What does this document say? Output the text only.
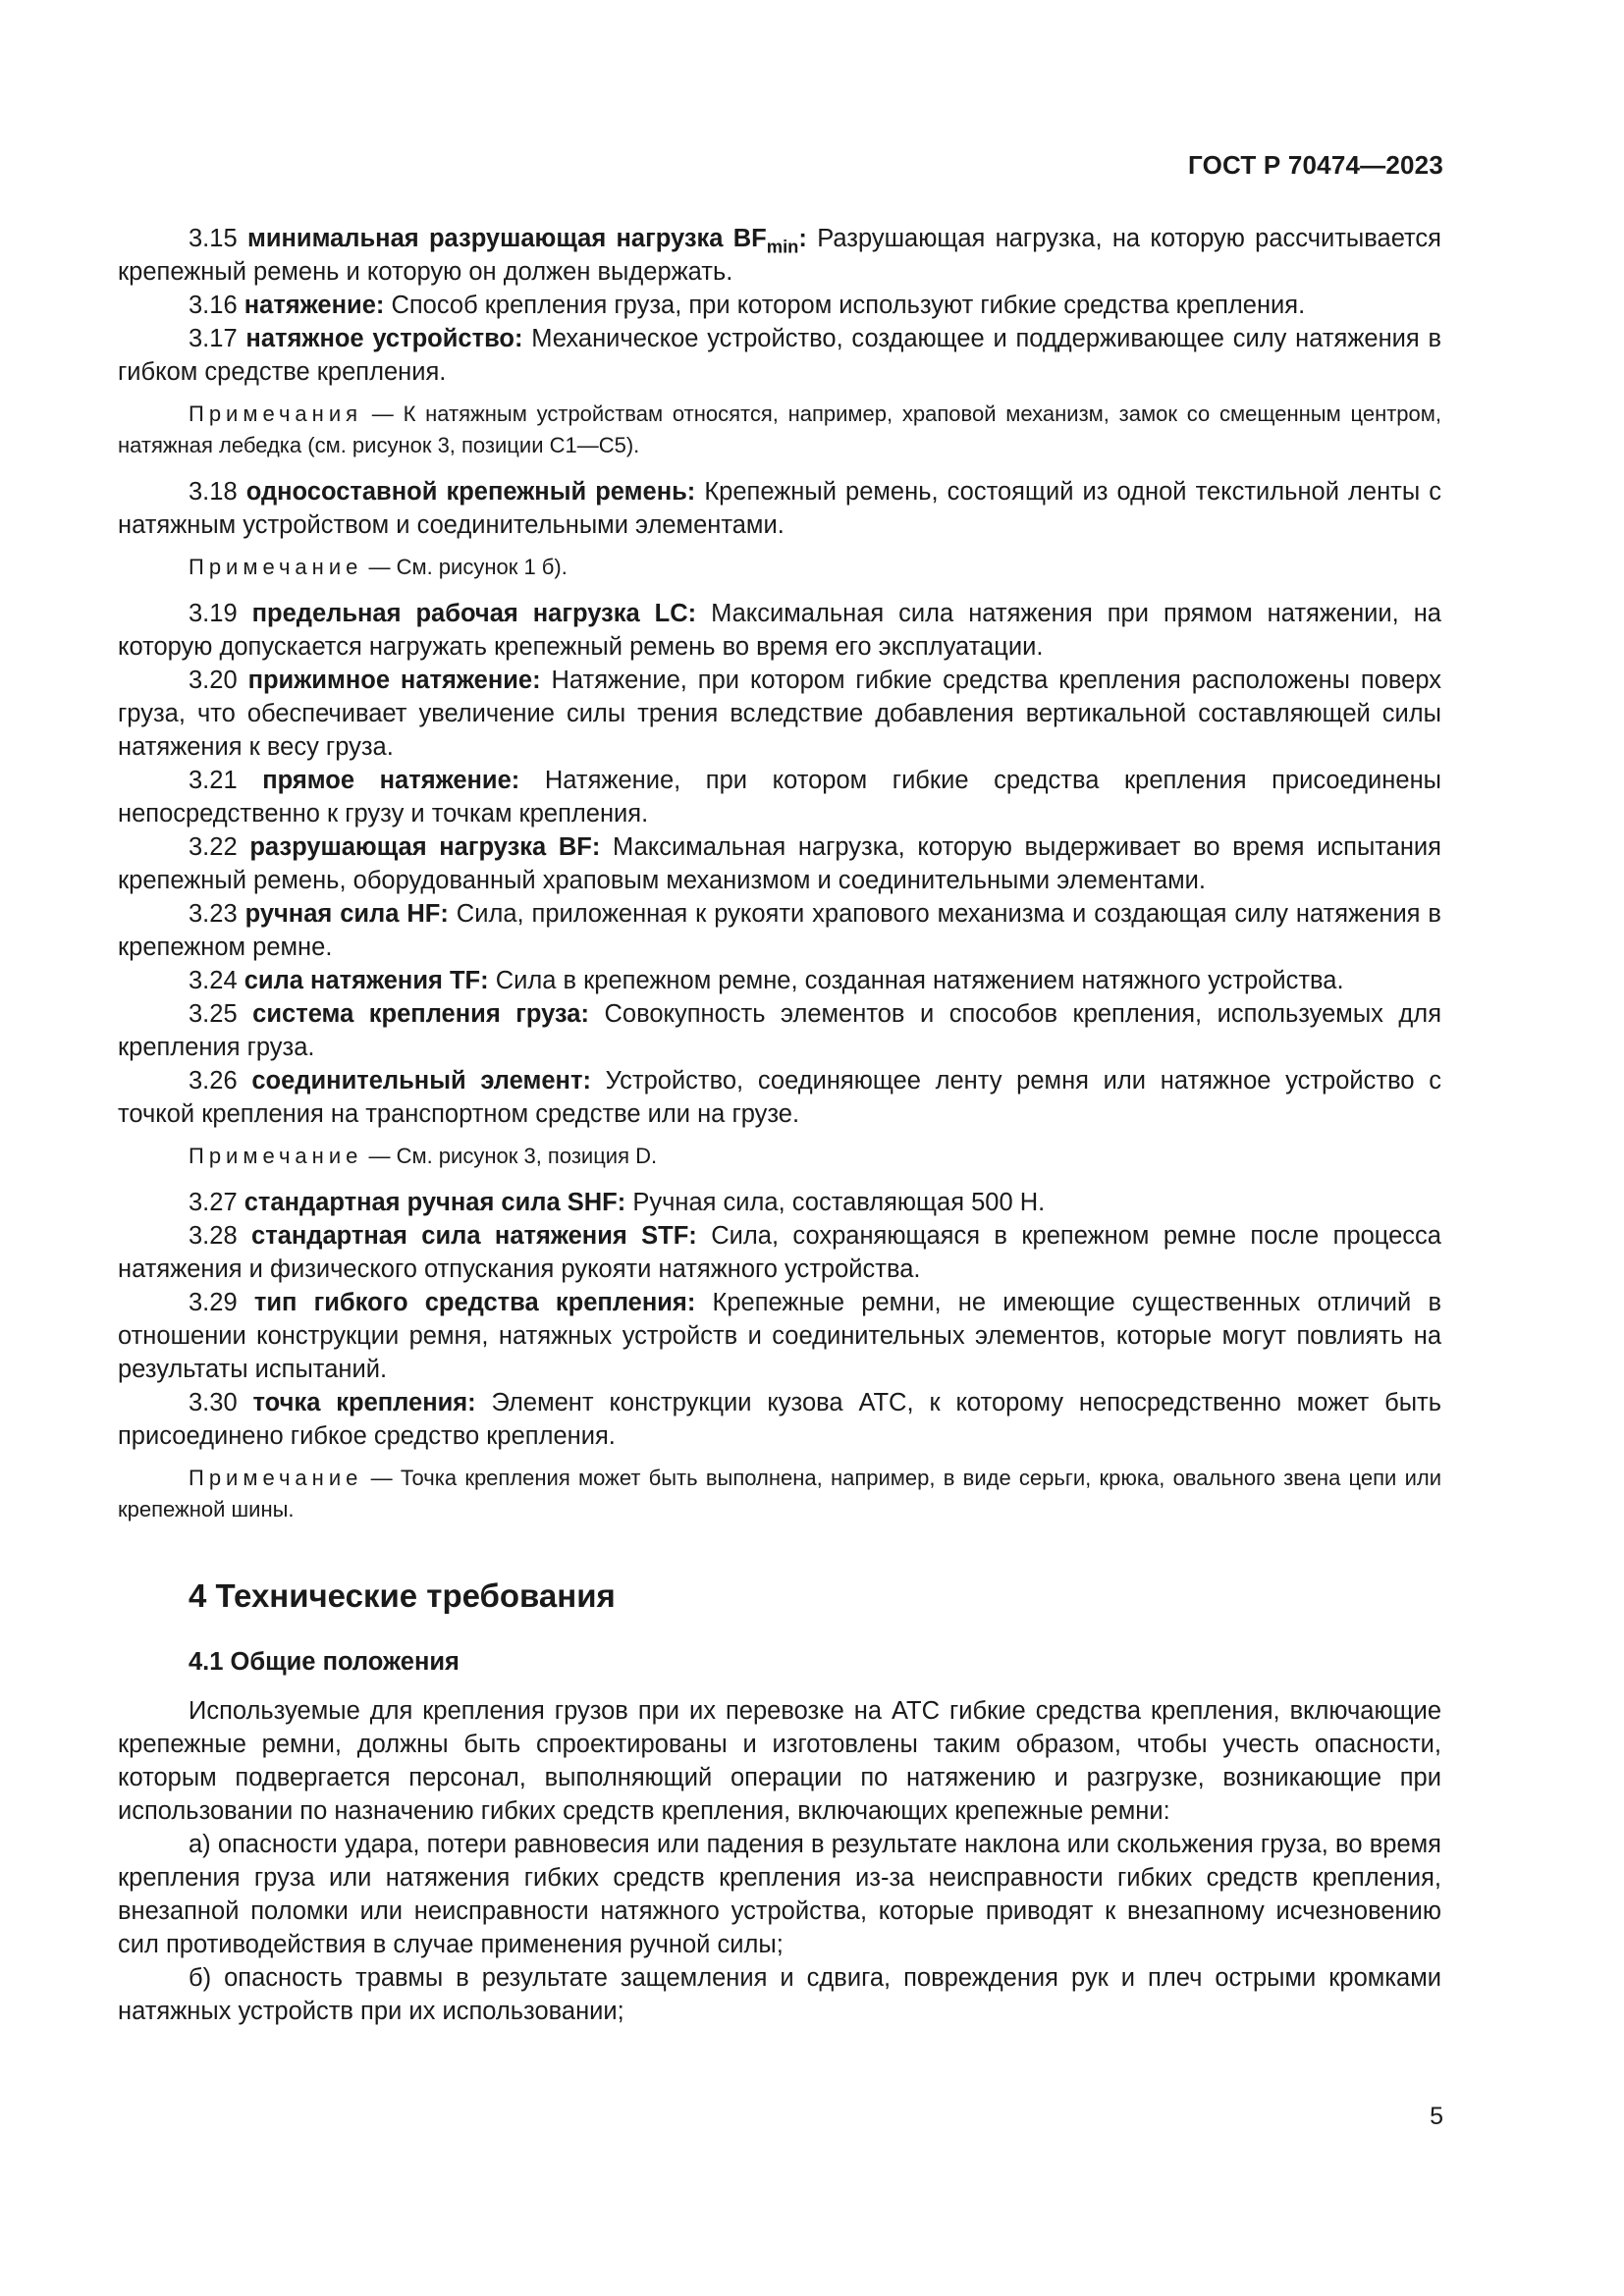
ГОСТ Р 70474—2023

3.15 минимальная разрушающая нагрузка $BF_{min}$: Разрушающая нагрузка, на которую рассчитывается крепежный ремень и которую он должен выдержать.

3.16 натяжение: Способ крепления груза, при котором используют гибкие средства крепления.

3.17 натяжное устройство: Механическое устройство, создающее и поддерживающее силу натяжения в гибком средстве крепления.

Примечания — К натяжным устройствам относятся, например, храповой механизм, замок со смещенным центром, натяжная лебедка (см. рисунок 3, позиции C1—C5).

3.18 односоставной крепежный ремень: Крепежный ремень, состоящий из одной текстильной ленты с натяжным устройством и соединительными элементами.

Примечание — См. рисунок 1 б).

3.19 предельная рабочая нагрузка LC: Максимальная сила натяжения при прямом натяжении, на которую допускается нагружать крепежный ремень во время его эксплуатации.

3.20 прижимное натяжение: Натяжение, при котором гибкие средства крепления расположены поверх груза, что обеспечивает увеличение силы трения вследствие добавления вертикальной составляющей силы натяжения к весу груза.

3.21 прямое натяжение: Натяжение, при котором гибкие средства крепления присоединены непосредственно к грузу и точкам крепления.

3.22 разрушающая нагрузка BF: Максимальная нагрузка, которую выдерживает во время испытания крепежный ремень, оборудованный храповым механизмом и соединительными элементами.

3.23 ручная сила HF: Сила, приложенная к рукояти храпового механизма и создающая силу натяжения в крепежном ремне.

3.24 сила натяжения TF: Сила в крепежном ремне, созданная натяжением натяжного устройства.

3.25 система крепления груза: Совокупность элементов и способов крепления, используемых для крепления груза.

3.26 соединительный элемент: Устройство, соединяющее ленту ремня или натяжное устройство с точкой крепления на транспортном средстве или на грузе.

Примечание — См. рисунок 3, позиция D.

3.27 стандартная ручная сила SHF: Ручная сила, составляющая 500 Н.

3.28 стандартная сила натяжения STF: Сила, сохраняющаяся в крепежном ремне после процесса натяжения и физического отпускания рукояти натяжного устройства.

3.29 тип гибкого средства крепления: Крепежные ремни, не имеющие существенных отличий в отношении конструкции ремня, натяжных устройств и соединительных элементов, которые могут повлиять на результаты испытаний.

3.30 точка крепления: Элемент конструкции кузова АТС, к которому непосредственно может быть присоединено гибкое средство крепления.

Примечание — Точка крепления может быть выполнена, например, в виде серьги, крюка, овального звена цепи или крепежной шины.

4 Технические требования
4.1 Общие положения

Используемые для крепления грузов при их перевозке на АТС гибкие средства крепления, включающие крепежные ремни, должны быть спроектированы и изготовлены таким образом, чтобы учесть опасности, которым подвергается персонал, выполняющий операции по натяжению и разгрузке, возникающие при использовании по назначению гибких средств крепления, включающих крепежные ремни:

а) опасности удара, потери равновесия или падения в результате наклона или скольжения груза, во время крепления груза или натяжения гибких средств крепления из-за неисправности гибких средств крепления, внезапной поломки или неисправности натяжного устройства, которые приводят к внезапному исчезновению сил противодействия в случае применения ручной силы;

б) опасность травмы в результате защемления и сдвига, повреждения рук и плеч острыми кромками натяжных устройств при их использовании;

5
